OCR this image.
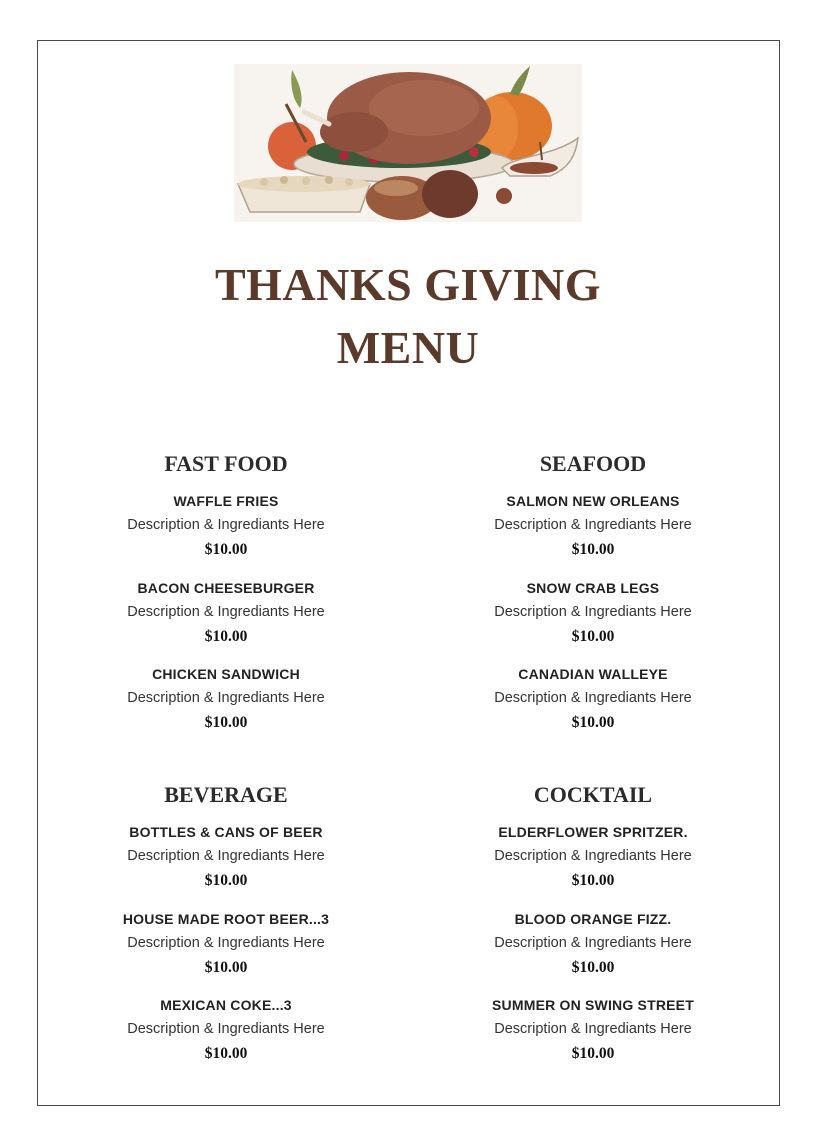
THANKS GIVING
MENU
FAST FOOD
WAFFLE FRIES
Description & Ingrediants Here
$10.00
BACON CHEESEBURGER
Description & Ingrediants Here
$10.00
CHICKEN SANDWICH
Description & Ingrediants Here
$10.00
SEAFOOD
SALMON NEW ORLEANS
Description & Ingrediants Here
$10.00
SNOW CRAB LEGS
Description & Ingrediants Here
$10.00
CANADIAN WALLEYE
Description & Ingrediants Here
$10.00
BEVERAGE
BOTTLES & CANS OF BEER
Description & Ingrediants Here
$10.00
HOUSE MADE ROOT BEER...3
Description & Ingrediants Here
$10.00
MEXICAN COKE...3
Description & Ingrediants Here
$10.00
COCKTAIL
ELDERFLOWER SPRITZER.
Description & Ingrediants Here
$10.00
BLOOD ORANGE FIZZ.
Description & Ingrediants Here
$10.00
SUMMER ON SWING STREET
Description & Ingrediants Here
$10.00
